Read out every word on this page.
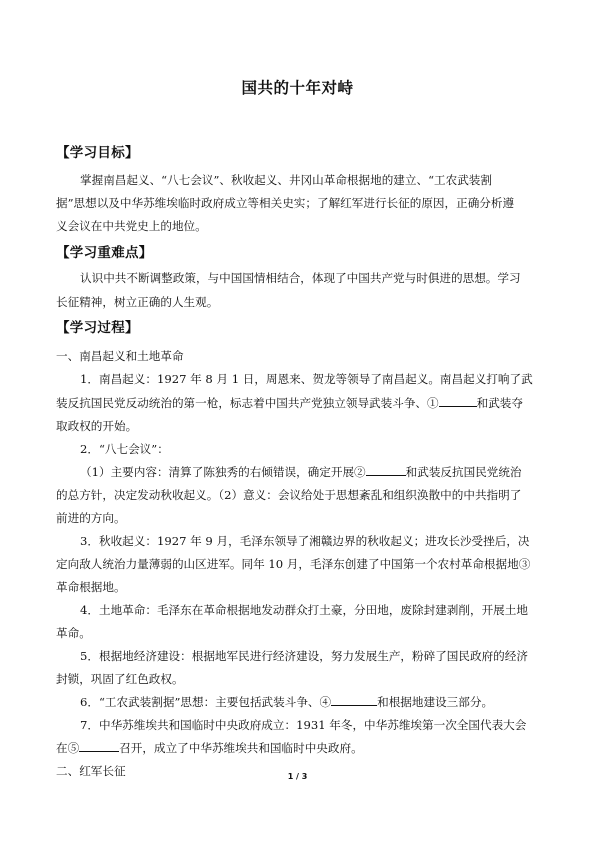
国共的十年对峙
【学习目标】
掌握南昌起义、“八七会议”、秋收起义、井冈山革命根据地的建立、“工农武装割
据”思想以及中华苏维埃临时政府成立等相关史实；了解红军进行长征的原因，正确分析遵
义会议在中共党史上的地位。
【学习重难点】
认识中共不断调整政策，与中国国情相结合，体现了中国共产党与时俱进的思想。学习
长征精神，树立正确的人生观。
【学习过程】
一、南昌起义和土地革命
1．南昌起义：1927 年 8 月 1 日，周恩来、贺龙等领导了南昌起义。南昌起义打响了武
装反抗国民党反动统治的第一枪，标志着中国共产党独立领导武装斗争、①	和武装夺
取政权的开始。
2．“八七会议”：
（1）主要内容：清算了陈独秀的右倾错误，确定开展②	和武装反抗国民党统治
的总方针，决定发动秋收起义。（2）意义：会议给处于思想紊乱和组织涣散中的中共指明了
前进的方向。
3．秋收起义：1927 年 9 月，毛泽东领导了湘赣边界的秋收起义；进攻长沙受挫后，决
定向敌人统治力量薄弱的山区进军。同年 10 月，毛泽东创建了中国第一个农村革命根据地③
革命根据地。
4．土地革命：毛泽东在革命根据地发动群众打土豪，分田地，废除封建剥削，开展土地
革命。
5．根据地经济建设：根据地军民进行经济建设，努力发展生产，粉碎了国民政府的经济
封锁，巩固了红色政权。
6．“工农武装割据”思想：主要包括武装斗争、④	和根据地建设三部分。
7．中华苏维埃共和国临时中央政府成立：1931 年冬，中华苏维埃第一次全国代表大会
在⑤	召开，成立了中华苏维埃共和国临时中央政府。
二、红军长征	1 / 3
